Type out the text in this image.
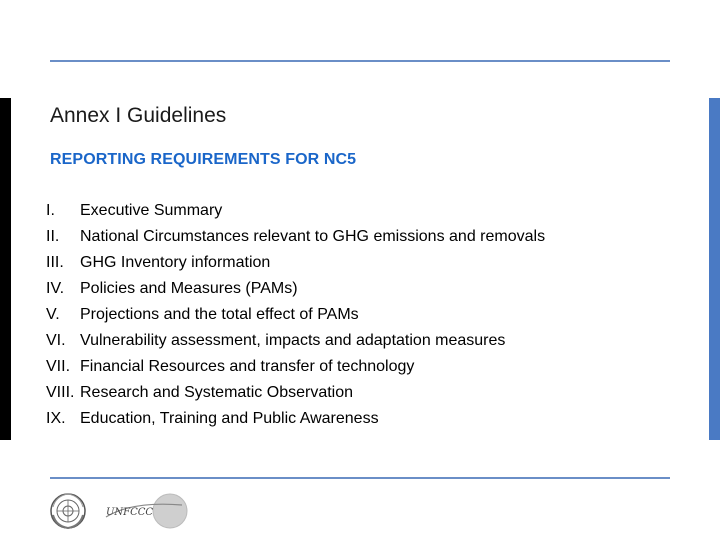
Annex I Guidelines
REPORTING REQUIREMENTS FOR NC5
I. Executive Summary
II. National Circumstances relevant to GHG emissions and removals
III. GHG Inventory information
IV. Policies and Measures (PAMs)
V. Projections and the total effect of PAMs
VI. Vulnerability assessment, impacts and adaptation measures
VII. Financial Resources and transfer of technology
VIII. Research and Systematic Observation
IX. Education, Training and Public Awareness
UNFCCC
